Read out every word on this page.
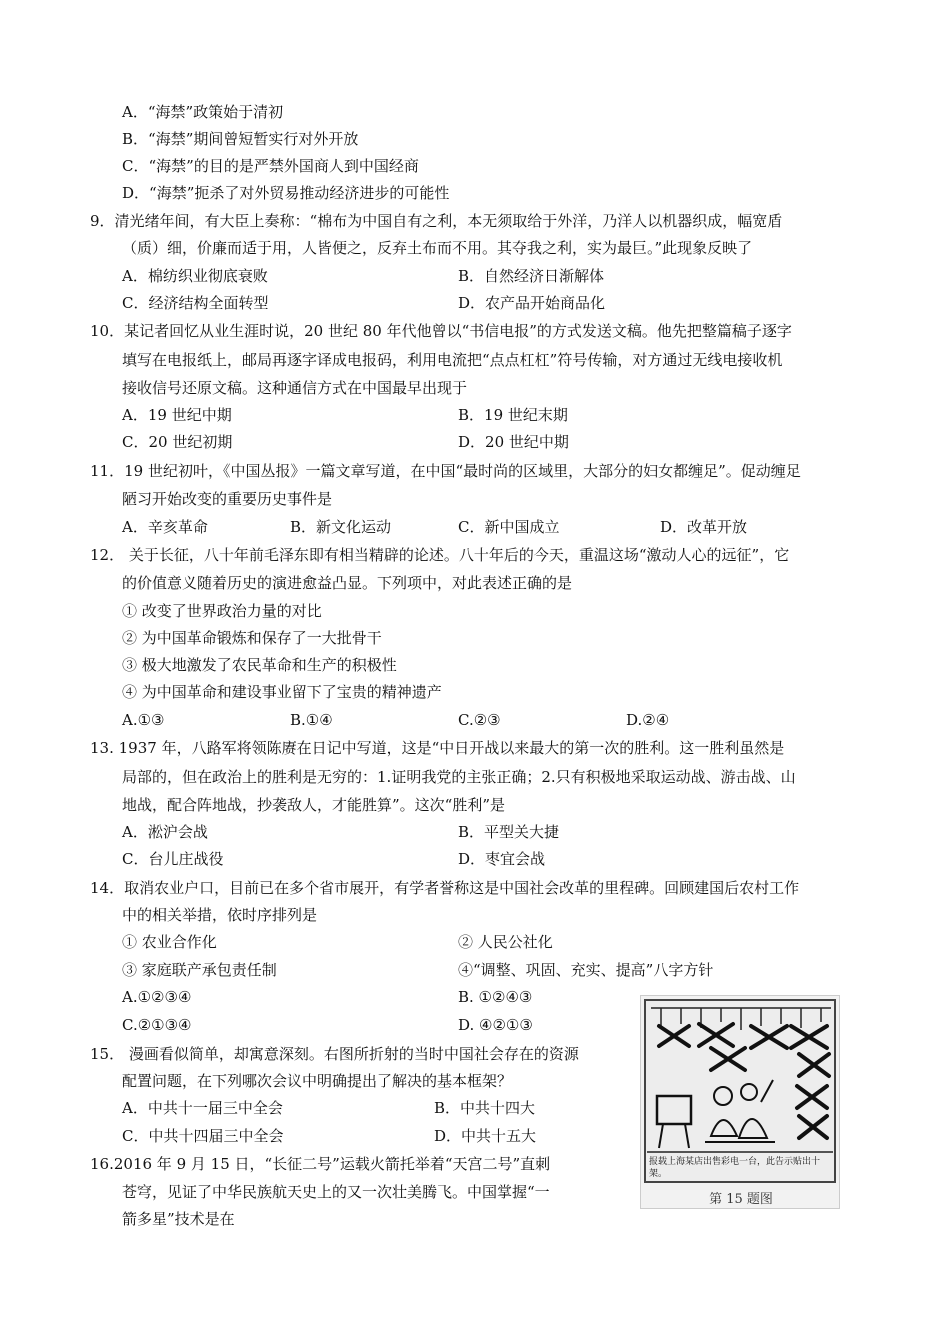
A．“海禁”政策始于清初
B．“海禁”期间曾短暂实行对外开放
C．“海禁”的目的是严禁外国商人到中国经商
D．“海禁”扼杀了对外贸易推动经济进步的可能性
9．清光绪年间，有大臣上奏称：“棉布为中国自有之利，本无须取给于外洋，乃洋人以机器织成，幅宽盾
（质）细，价廉而适于用，人皆便之，反弃土布而不用。其夺我之利，实为最巨。”此现象反映了
A．棉纺织业彻底衰败	B．自然经济日渐解体
C．经济结构全面转型	D．农产品开始商品化
10．某记者回忆从业生涯时说，20 世纪 80 年代他曾以“书信电报”的方式发送文稿。他先把整篇稿子逐字
填写在电报纸上，邮局再逐字译成电报码，利用电流把“点点杠杠”符号传输，对方通过无线电接收机
接收信号还原文稿。这种通信方式在中国最早出现于
A．19 世纪中期	B．19 世纪末期
C．20 世纪初期	D．20 世纪中期
11．19 世纪初叶，《中国丛报》一篇文章写道，在中国“最时尚的区域里，大部分的妇女都缠足”。促动缠足
陋习开始改变的重要历史事件是
A．辛亥革命	B．新文化运动	C．新中国成立	D．改革开放
12． 关于长征，八十年前毛泽东即有相当精辟的论述。八十年后的今天，重温这场“激动人心的远征”，它
的价值意义随着历史的演进愈益凸显。下列项中，对此表述正确的是
① 改变了世界政治力量的对比
② 为中国革命锻炼和保存了一大批骨干
③ 极大地激发了农民革命和生产的积极性
④ 为中国革命和建设事业留下了宝贵的精神遗产
A.①③	B.①④	C.②③	D.②④
13. 1937 年，八路军将领陈赓在日记中写道，这是“中日开战以来最大的第一次的胜利。这一胜利虽然是
局部的，但在政治上的胜利是无穷的：1.证明我党的主张正确；2.只有积极地采取运动战、游击战、山
地战，配合阵地战，抄袭敌人，才能胜算”。这次“胜利”是
A．淞沪会战	B．平型关大捷
C．台儿庄战役	D．枣宜会战
14．取消农业户口，目前已在多个省市展开，有学者誉称这是中国社会改革的里程碑。回顾建国后农村工作
中的相关举措，依时序排列是
① 农业合作化	② 人民公社化
③ 家庭联产承包责任制	④“调整、巩固、充实、提高”八字方针
A.①②③④	B. ①②④③
C.②①③④	D. ④②①③
15． 漫画看似简单，却寓意深刻。右图所折射的当时中国社会存在的资源
配置问题，在下列哪次会议中明确提出了解决的基本框架？
A．中共十一届三中全会	B．中共十四大
C．中共十四届三中全会	D．中共十五大
16.2016 年 9 月 15 日，“长征二号”运载火箭托举着“天宫二号”直刺
苍穹，见证了中华民族航天史上的又一次壮美腾飞。中国掌握“一
箭多星”技术是在
报载上海某店出售彩电一台，此告示贴出十架。
第 15 题图
